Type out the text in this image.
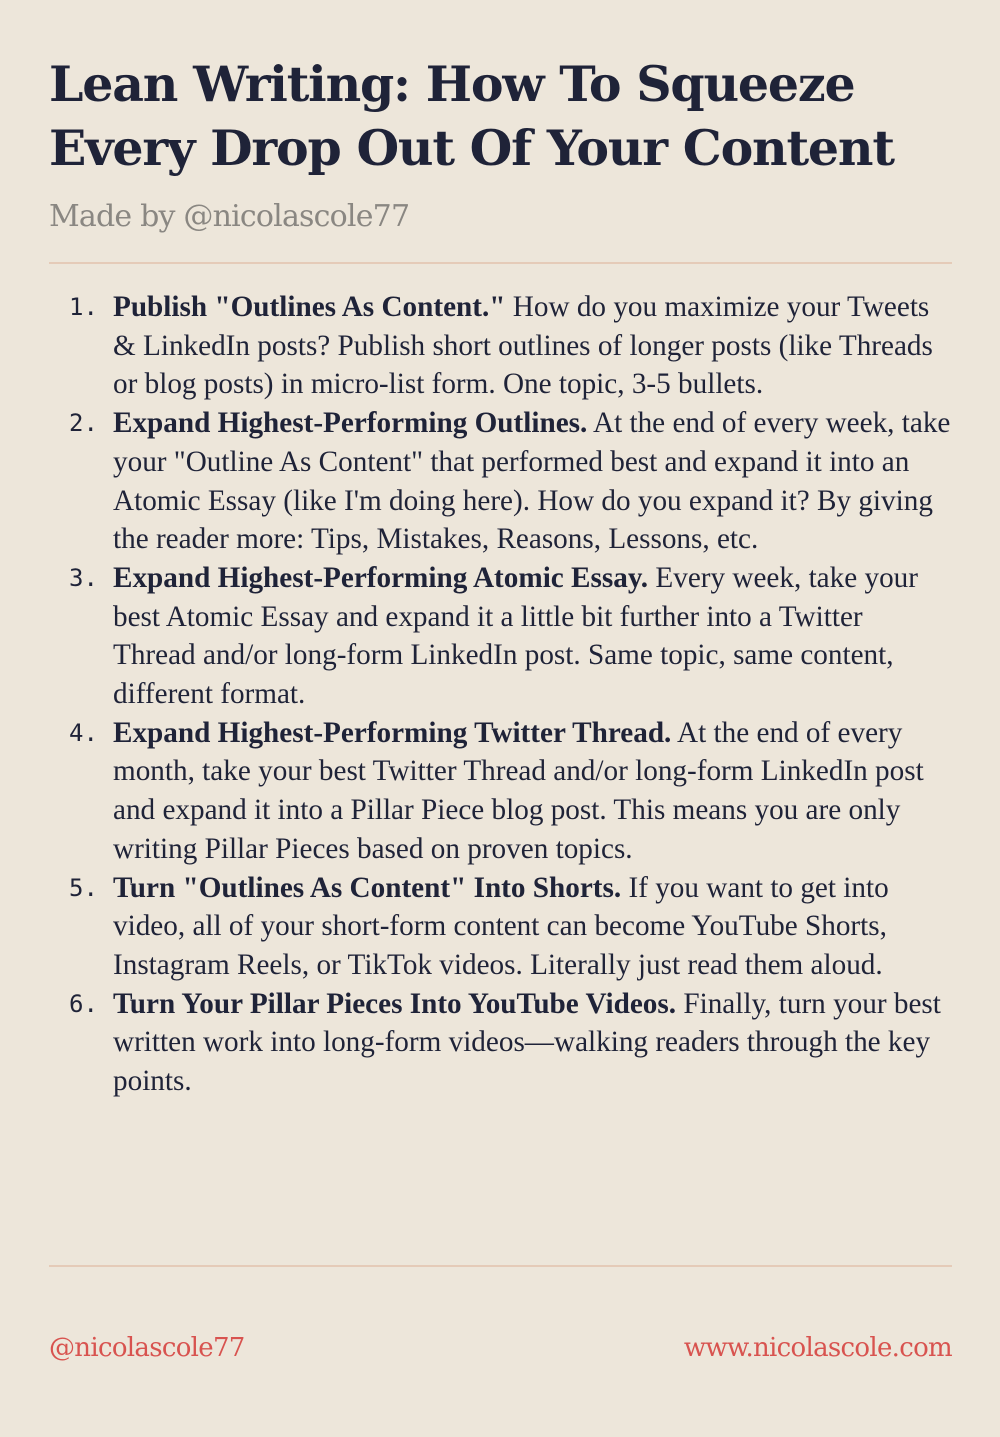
Lean Writing: How To Squeeze Every Drop Out Of Your Content
Made by @nicolascole77
1. Publish "Outlines As Content." How do you maximize your Tweets & LinkedIn posts? Publish short outlines of longer posts (like Threads or blog posts) in micro-list form. One topic, 3-5 bullets.
2. Expand Highest-Performing Outlines. At the end of every week, take your "Outline As Content" that performed best and expand it into an Atomic Essay (like I'm doing here). How do you expand it? By giving the reader more: Tips, Mistakes, Reasons, Lessons, etc.
3. Expand Highest-Performing Atomic Essay. Every week, take your best Atomic Essay and expand it a little bit further into a Twitter Thread and/or long-form LinkedIn post. Same topic, same content, different format.
4. Expand Highest-Performing Twitter Thread. At the end of every month, take your best Twitter Thread and/or long-form LinkedIn post and expand it into a Pillar Piece blog post. This means you are only writing Pillar Pieces based on proven topics.
5. Turn "Outlines As Content" Into Shorts. If you want to get into video, all of your short-form content can become YouTube Shorts, Instagram Reels, or TikTok videos. Literally just read them aloud.
6. Turn Your Pillar Pieces Into YouTube Videos. Finally, turn your best written work into long-form videos—walking readers through the key points.
@nicolascole77	www.nicolascole.com
